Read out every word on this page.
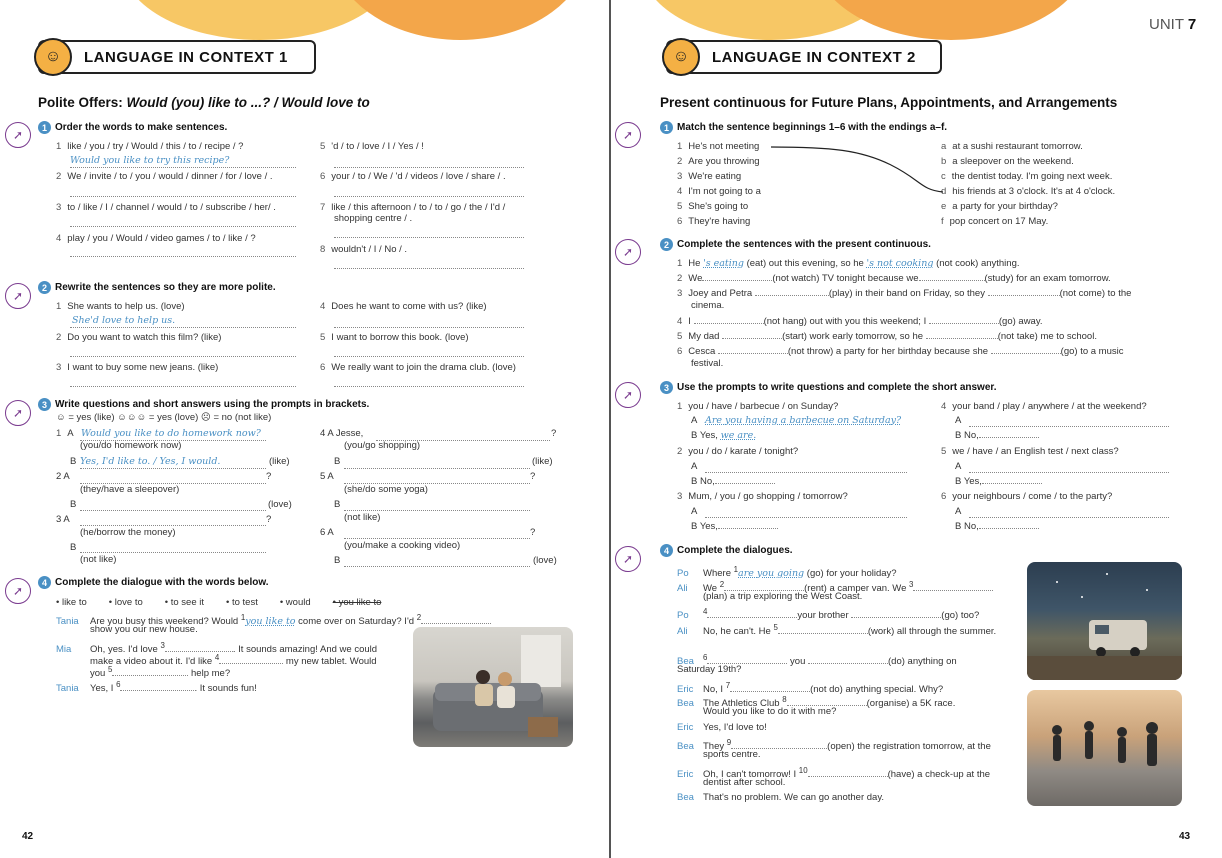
LANGUAGE IN CONTEXT 1
☺
Polite Offers: Would (you) like to ...? / Would love to
➚
1 Order the words to make sentences.
1 like / you / try / Would / this / to / recipe / ?
Would you like to try this recipe?
2 We / invite / to / you / would / dinner / for / love / .
3 to / like / I / channel / would / to / subscribe / her/ .
4 play / you / Would / video games / to / like / ?
5 'd / to / love / I / Yes / !
6 your / to / We / 'd / videos / love / share / .
7 like / this afternoon / to / to / go / the / I'd /
shopping centre / .
8 wouldn't / I / No / .
➚
2 Rewrite the sentences so they are more polite.
1 She wants to help us. (love)
She'd love to help us.
2 Do you want to watch this film? (like)
3 I want to buy some new jeans. (like)
4 Does he want to come with us? (like)
5 I want to borrow this book. (love)
6 We really want to join the drama club. (love)
➚
3 Write questions and short answers using the prompts in brackets.
☺ = yes (like) ☺☺☺ = yes (love) ☹ = no (not like)
1 A Would you like to do homework now?
(you/do homework now)
B Yes, I'd like to. / Yes, I would.	(like)
2 A	?
(they/have a sleepover)
B	(love)
3 A	?
(he/borrow the money)
B
(not like)
4 A Jesse,	?
(you/go shopping)
B	(like)
5 A	?
(she/do some yoga)
B
(not like)
6 A	?
(you/make a cooking video)
B	(love)
➚
4 Complete the dialogue with the words below.
• like to • love to • to see it • to test • would • you like to
Tania Are you busy this weekend? Would $^1$you like to come over on Saturday? I'd $^2$
show you our new house.
Mia Oh, yes. I'd love $^3$	. It sounds amazing! And we could
make a video about it. I'd like $^4$	my new tablet. Would
you $^5$	help me?
Tania Yes, I $^6$	. It sounds fun!
42
UNIT 7
LANGUAGE IN CONTEXT 2
☺
Present continuous for Future Plans, Appointments, and Arrangements
➚
1 Match the sentence beginnings 1–6 with the endings a–f.
1 He's not meeting
2 Are you throwing
3 We're eating
4 I'm not going to a
5 She's going to
6 They're having
a at a sushi restaurant tomorrow.
b a sleepover on the weekend.
c the dentist today. I'm going next week.
d his friends at 3 o'clock. It's at 4 o'clock.
e a party for your birthday?
f pop concert on 17 May.
➚
2 Complete the sentences with the present continuous.
1 He 's eating (eat) out this evening, so he 's not cooking (not cook) anything.
2 We	(not watch) TV tonight because we	(study) for an exam tomorrow.
3 Joey and Petra	(play) in their band on Friday, so they	(not come) to the
cinema.
4 I	(not hang) out with you this weekend; I	(go) away.
5 My dad	(start) work early tomorrow, so he	(not take) me to school.
6 Cesca	(not throw) a party for her birthday because she	(go) to a music
festival.
➚
3 Use the prompts to write questions and complete the short answer.
1 you / have / barbecue / on Sunday?
A Are you having a barbecue on Saturday?
B Yes, we are.
2 you / do / karate / tonight?
A
B No,
3 Mum, / you / go shopping / tomorrow?
A
B Yes,
4 your band / play / anywhere / at the weekend?
A
B No,
5 we / have / an English test / next class?
A
B Yes,
6 your neighbours / come / to the party?
A
B No,
➚
4 Complete the dialogues.
Po Where $^1$are you going (go) for your holiday?
Ali We $^2$	(rent) a camper van. We $^3$
(plan) a trip exploring the West Coast.
Po $^4$	your brother	(go) too?
Ali No, he can't. He $^5$	(work) all through the summer.
Bea $^6$	you	(do) anything on
Saturday 19th?
Eric No, I $^7$	(not do) anything special. Why?
Bea The Athletics Club $^8$	(organise) a 5K race.
Would you like to do it with me?
Eric Yes, I'd love to!
Bea They $^9$	(open) the registration tomorrow, at the
sports centre.
Eric Oh, I can't tomorrow! I $^{10}$	(have) a check-up at the
dentist after school.
Bea That's no problem. We can go another day.
43
